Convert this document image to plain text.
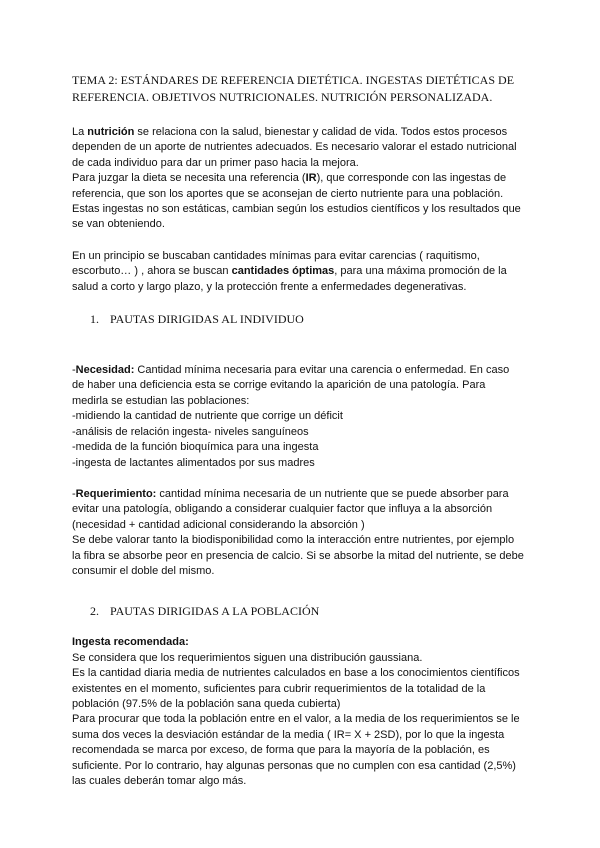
TEMA 2: ESTÁNDARES DE REFERENCIA DIETÉTICA. INGESTAS DIETÉTICAS DE REFERENCIA. OBJETIVOS NUTRICIONALES. NUTRICIÓN PERSONALIZADA.

La nutrición se relaciona con la salud, bienestar y calidad de vida. Todos estos procesos dependen de un aporte de nutrientes adecuados. Es necesario valorar el estado nutricional de cada individuo para dar un primer paso hacia la mejora.

Para juzgar la dieta se necesita una referencia (IR), que corresponde con las ingestas de referencia, que son los aportes que se aconsejan de cierto nutriente para una población.

Estas ingestas no son estáticas, cambian según los estudios científicos y los resultados que se van obteniendo.

En un principio se buscaban cantidades mínimas para evitar carencias ( raquitismo, escorbuto… ) , ahora se buscan cantidades óptimas, para una máxima promoción de la salud a corto y largo plazo, y la protección frente a enfermedades degenerativas.

1. PAUTAS DIRIGIDAS AL INDIVIDUO

-Necesidad: Cantidad mínima necesaria para evitar una carencia o enfermedad. En caso de haber una deficiencia esta se corrige evitando la aparición de una patología. Para medirla se estudian las poblaciones:

-midiendo la cantidad de nutriente que corrige un déficit

-análisis de relación ingesta- niveles sanguíneos

-medida de la función bioquímica para una ingesta

-ingesta de lactantes alimentados por sus madres

-Requerimiento: cantidad mínima necesaria de un nutriente que se puede absorber para evitar una patología, obligando a considerar cualquier factor que influya a la absorción (necesidad + cantidad adicional considerando la absorción )

Se debe valorar tanto la biodisponibilidad como la interacción entre nutrientes, por ejemplo la fibra se absorbe peor en presencia de calcio. Si se absorbe la mitad del nutriente, se debe consumir el doble del mismo.

2. PAUTAS DIRIGIDAS A LA POBLACIÓN

Ingesta recomendada:

Se considera que los requerimientos siguen una distribución gaussiana.

Es la cantidad diaria media de nutrientes calculados en base a los conocimientos científicos existentes en el momento, suficientes para cubrir requerimientos de la totalidad de la población (97.5% de la población sana queda cubierta)

Para procurar que toda la población entre en el valor, a la media de los requerimientos se le suma dos veces la desviación estándar de la media ( IR= X + 2SD), por lo que la ingesta recomendada se marca por exceso, de forma que para la mayoría de la población, es suficiente. Por lo contrario, hay algunas personas que no cumplen con esa cantidad (2,5%) las cuales deberán tomar algo más.
